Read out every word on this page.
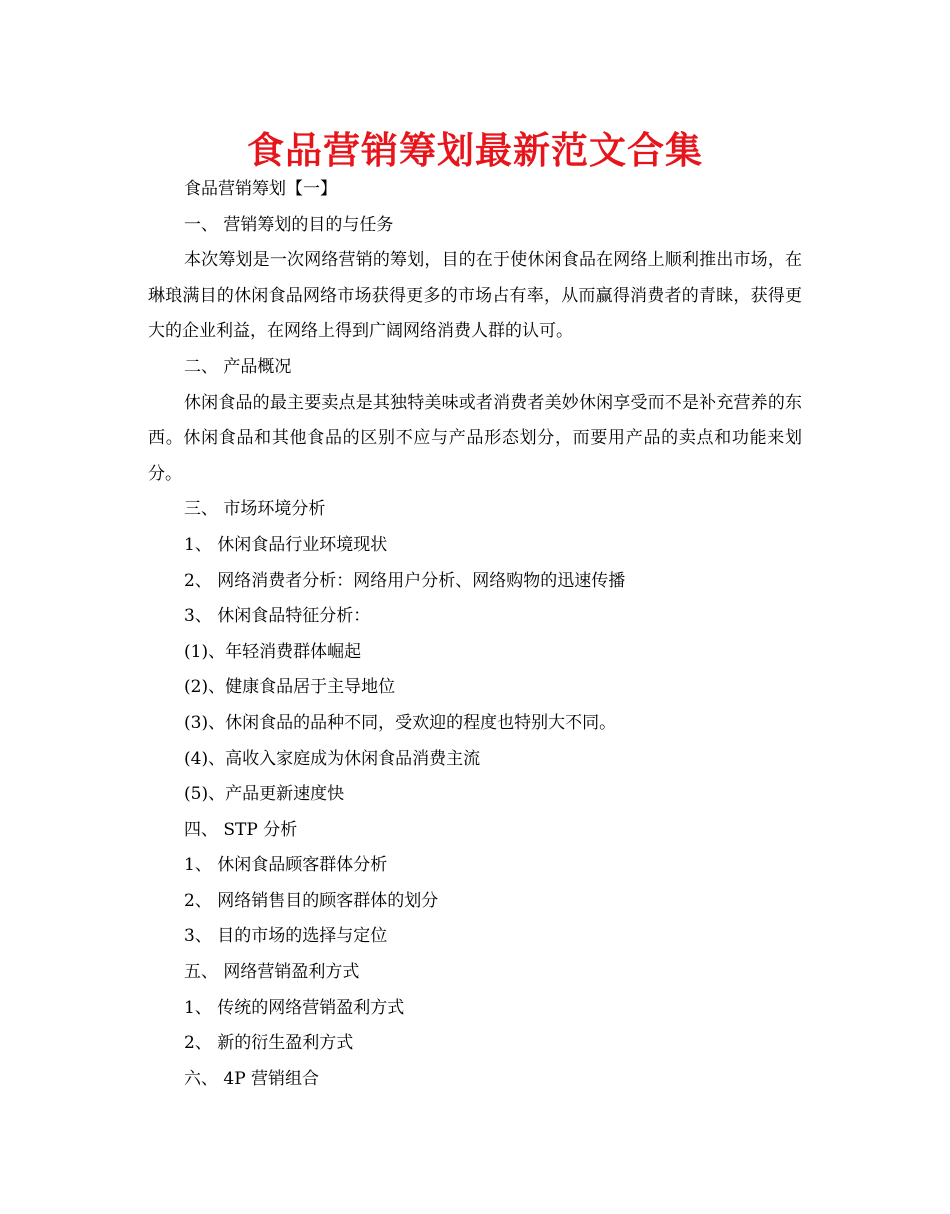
食品营销筹划最新范文合集

食品营销筹划【一】

一、 营销筹划的目的与任务

本次筹划是一次网络营销的筹划，目的在于使休闲食品在网络上顺利推出市场，在琳琅满目的休闲食品网络市场获得更多的市场占有率，从而赢得消费者的青睐，获得更大的企业利益，在网络上得到广阔网络消费人群的认可。

二、 产品概况

休闲食品的最主要卖点是其独特美味或者消费者美妙休闲享受而不是补充营养的东西。休闲食品和其他食品的区别不应与产品形态划分，而要用产品的卖点和功能来划分。

三、 市场环境分析

1、 休闲食品行业环境现状

2、 网络消费者分析：网络用户分析、网络购物的迅速传播

3、 休闲食品特征分析：

(1)、年轻消费群体崛起

(2)、健康食品居于主导地位

(3)、休闲食品的品种不同，受欢迎的程度也特别大不同。

(4)、高收入家庭成为休闲食品消费主流

(5)、产品更新速度快

四、 STP 分析

1、 休闲食品顾客群体分析

2、 网络销售目的顾客群体的划分

3、 目的市场的选择与定位

五、 网络营销盈利方式

1、 传统的网络营销盈利方式

2、 新的衍生盈利方式

六、 4P 营销组合
